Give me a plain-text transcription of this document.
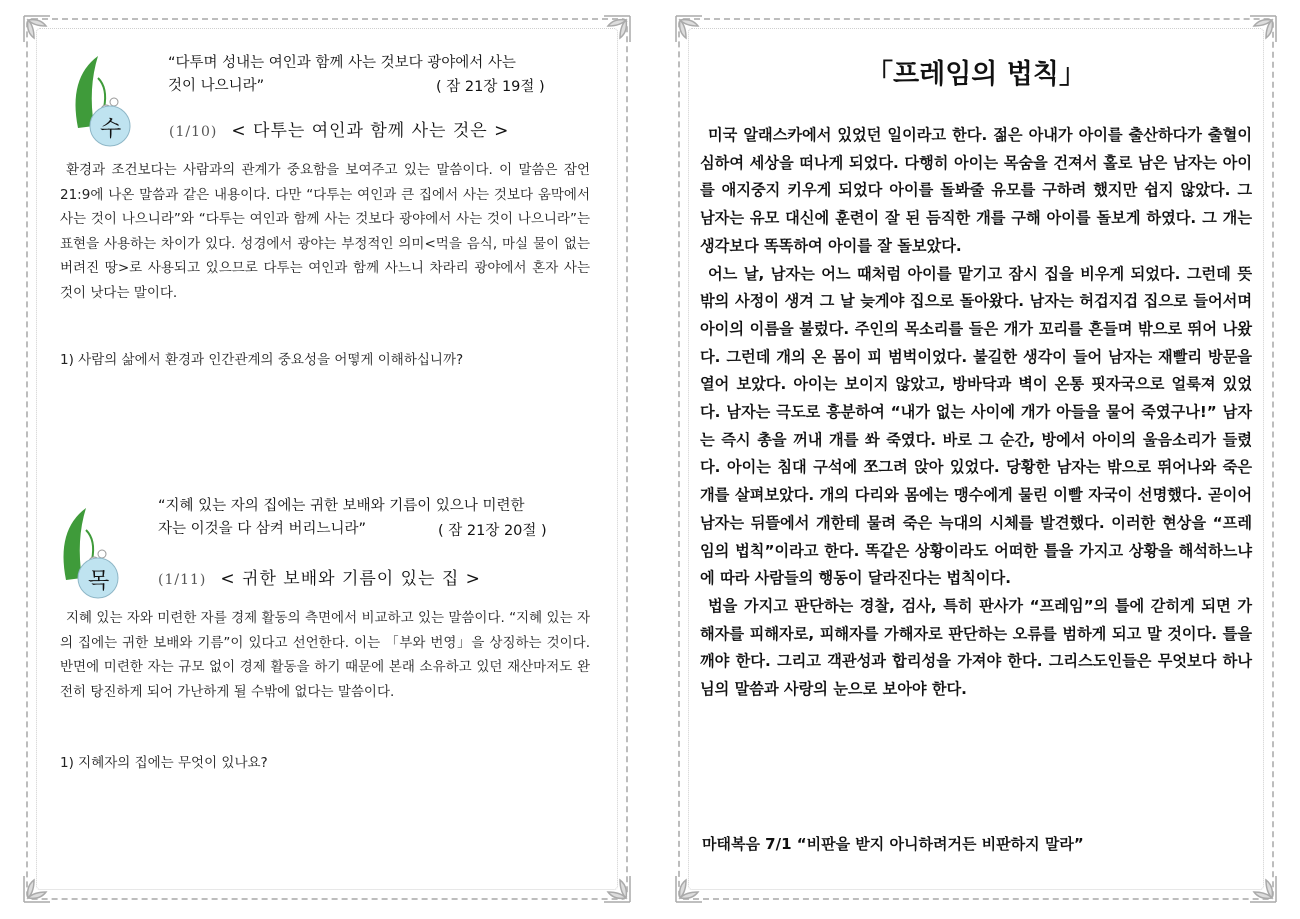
수
“다투며 성내는 여인과 함께 사는 것보다 광야에서 사는
것이 나으니라”	( 잠 21장 19절 )
(1/10) < 다투는 여인과 함께 사는 것은 >
환경과 조건보다는 사람과의 관계가 중요함을 보여주고 있는 말씀이다. 이 말씀은 잠언 21:9에 나온 말씀과 같은 내용이다. 다만 “다투는 여인과 큰 집에서 사는 것보다 움막에서 사는 것이 나으니라”와 “다투는 여인과 함께 사는 것보다 광야에서 사는 것이 나으니라”는 표현을 사용하는 차이가 있다. 성경에서 광야는 부정적인 의미<먹을 음식, 마실 물이 없는 버려진 땅>로 사용되고 있으므로 다투는 여인과 함께 사느니 차라리 광야에서 혼자 사는 것이 낫다는 말이다.
1) 사람의 삶에서 환경과 인간관계의 중요성을 어떻게 이해하십니까?
목
“지혜 있는 자의 집에는 귀한 보배와 기름이 있으나 미련한
자는 이것을 다 삼켜 버리느니라”	( 잠 21장 20절 )
(1/11) < 귀한 보배와 기름이 있는 집 >
지혜 있는 자와 미련한 자를 경제 활동의 측면에서 비교하고 있는 말씀이다. “지혜 있는 자의 집에는 귀한 보배와 기름”이 있다고 선언한다. 이는 「부와 번영」을 상징하는 것이다. 반면에 미련한 자는 규모 없이 경제 활동을 하기 때문에 본래 소유하고 있던 재산마저도 완전히 탕진하게 되어 가난하게 될 수밖에 없다는 말씀이다.
1) 지혜자의 집에는 무엇이 있나요?
「프레임의 법칙」

미국 알래스카에서 있었던 일이라고 한다. 젊은 아내가 아이를 출산하다가 출혈이 심하여 세상을 떠나게 되었다. 다행히 아이는 목숨을 건져서 홀로 남은 남자는 아이를 애지중지 키우게 되었다 아이를 돌봐줄 유모를 구하려 했지만 쉽지 않았다. 그 남자는 유모 대신에 훈련이 잘 된 듬직한 개를 구해 아이를 돌보게 하였다. 그 개는 생각보다 똑똑하여 아이를 잘 돌보았다.

어느 날, 남자는 어느 때처럼 아이를 맡기고 잠시 집을 비우게 되었다. 그런데 뜻밖의 사정이 생겨 그 날 늦게야 집으로 돌아왔다. 남자는 허겁지겁 집으로 들어서며 아이의 이름을 불렀다. 주인의 목소리를 들은 개가 꼬리를 흔들며 밖으로 뛰어 나왔다. 그런데 개의 온 몸이 피 범벅이었다. 불길한 생각이 들어 남자는 재빨리 방문을 열어 보았다. 아이는 보이지 않았고, 방바닥과 벽이 온통 핏자국으로 얼룩져 있었다. 남자는 극도로 흥분하여 “내가 없는 사이에 개가 아들을 물어 죽였구나!” 남자는 즉시 총을 꺼내 개를 쏴 죽였다. 바로 그 순간, 방에서 아이의 울음소리가 들렸다. 아이는 침대 구석에 쪼그려 앉아 있었다. 당황한 남자는 밖으로 뛰어나와 죽은 개를 살펴보았다. 개의 다리와 몸에는 맹수에게 물린 이빨 자국이 선명했다. 곧이어 남자는 뒤뜰에서 개한테 물려 죽은 늑대의 시체를 발견했다. 이러한 현상을 “프레임의 법칙”이라고 한다. 똑같은 상황이라도 어떠한 틀을 가지고 상황을 해석하느냐에 따라 사람들의 행동이 달라진다는 법칙이다.

법을 가지고 판단하는 경찰, 검사, 특히 판사가 “프레임”의 틀에 갇히게 되면 가해자를 피해자로, 피해자를 가해자로 판단하는 오류를 범하게 되고 말 것이다. 틀을 깨야 한다. 그리고 객관성과 합리성을 가져야 한다. 그리스도인들은 무엇보다 하나님의 말씀과 사랑의 눈으로 보아야 한다.

마태복음 7/1 “비판을 받지 아니하려거든 비판하지 말라”
